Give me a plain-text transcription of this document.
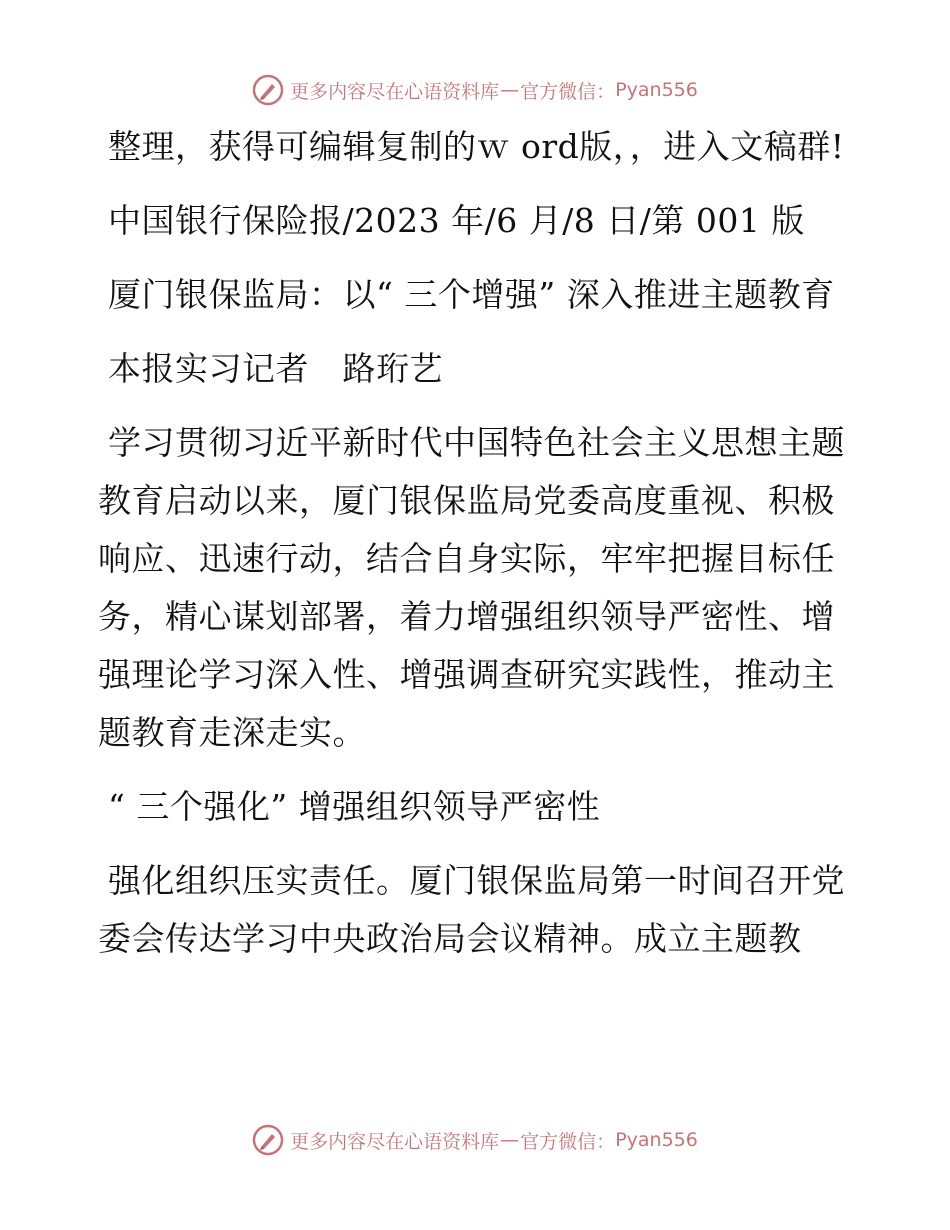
更多内容尽在心语资料库 — 官方微信： Pyan556

整理，获得可编辑复制的ｗ ord版，，进入文稿群!

中国银行保险报/2023 年/6 月/8 日/第 001 版

厦门银保监局：以“ 三个增强” 深入推进主题教育

本报实习记者　路珩艺

学习贯彻习近平新时代中国特色社会主义思想主题教育启动以来，厦门银保监局党委高度重视、积极响应、迅速行动，结合自身实际，牢牢把握目标任务，精心谋划部署，着力增强组织领导严密性、增强理论学习深入性、增强调查研究实践性，推动主题教育走深走实。

“ 三个强化” 增强组织领导严密性

强化组织压实责任。厦门银保监局第一时间召开党委会传达学习中央政治局会议精神。成立主题教

更多内容尽在心语资料库 — 官方微信： Pyan556
